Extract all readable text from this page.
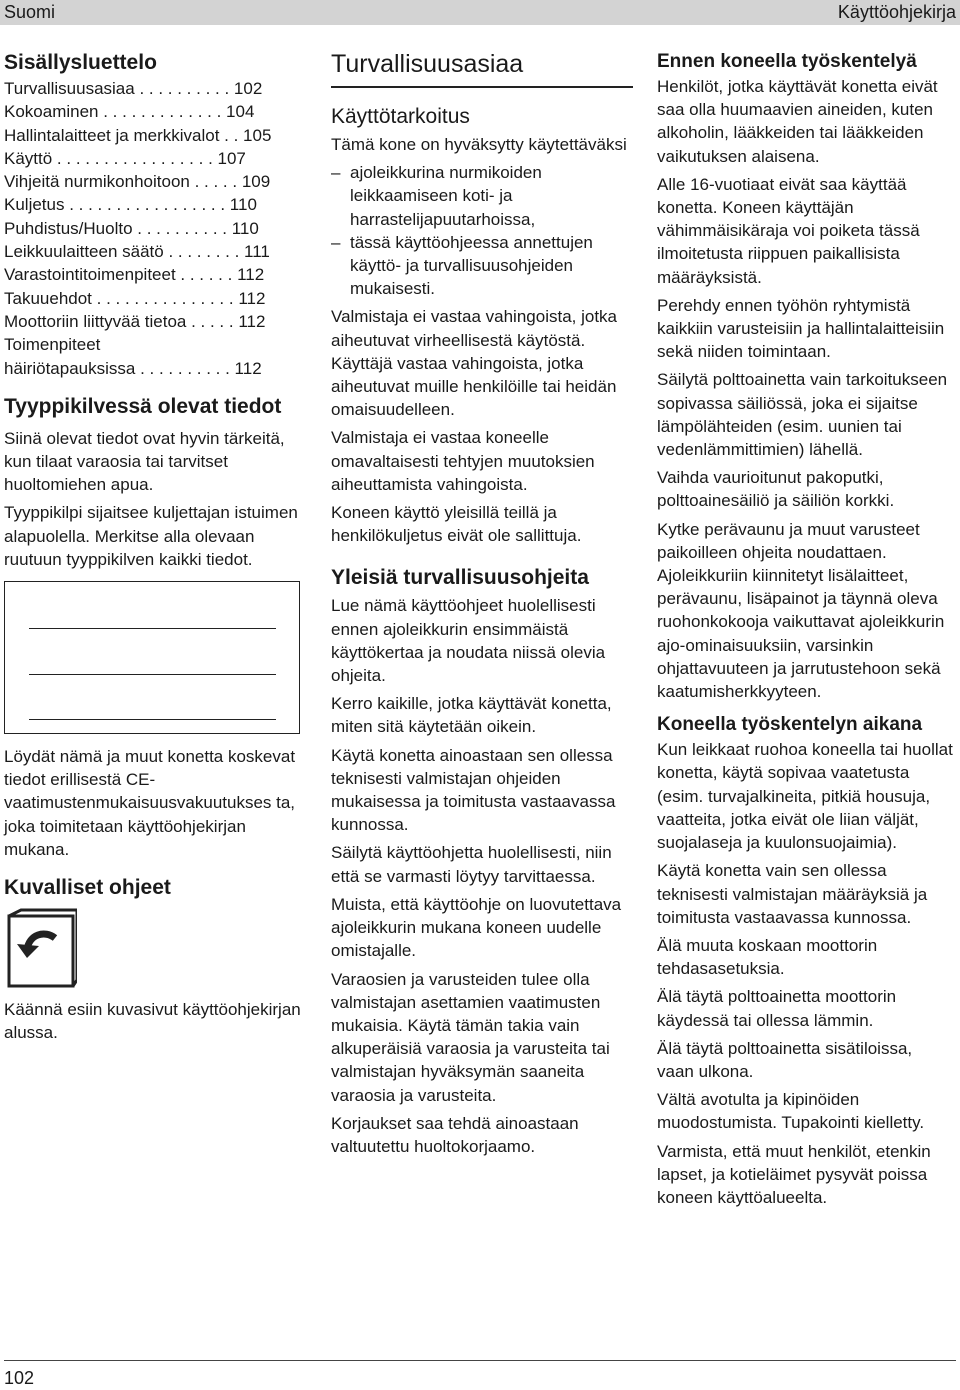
Suomi	Käyttöohjekirja
Sisällysluettelo
Turvallisuusasiaa . . . . . . . . . . 102
Kokoaminen . . . . . . . . . . . . . 104
Hallintalaitteet ja merkkivalot . . 105
Käyttö . . . . . . . . . . . . . . . . . 107
Vihjeitä nurmikonhoitoon . . . . . 109
Kuljetus . . . . . . . . . . . . . . . . . 110
Puhdistus/Huolto . . . . . . . . . . 110
Leikkuulaitteen säätö . . . . . . . . 111
Varastointitoimenpiteet . . . . . . 112
Takuuehdot . . . . . . . . . . . . . . . 112
Moottoriin liittyvää tietoa . . . . . 112
Toimenpiteet
häiriötapauksissa . . . . . . . . . . 112
Tyyppikilvessä olevat tiedot

Siinä olevat tiedot ovat hyvin tärkeitä, kun tilaat varaosia tai tarvitset huoltomiehen apua.

Tyyppikilpi sijaitsee kuljettajan istuimen alapuolella. Merkitse alla olevaan ruutuun tyyppikilven kaikki tiedot.

Löydät nämä ja muut konetta koskevat tiedot erillisestä CE-vaatimustenmukaisuusvakuutukses ta, joka toimitetaan käyttöohjekirjan mukana.

Kuvalliset ohjeet

Käännä esiin kuvasivut käyttöohjekirjan alussa.

Turvallisuusasiaa
Käyttötarkoitus

Tämä kone on hyväksytty käytettäväksi

– ajoleikkurina nurmikoiden leikkaamiseen koti- ja harrastelijapuutarhoissa,
– tässä käyttöohjeessa annettujen käyttö- ja turvallisuusohjeiden mukaisesti.

Valmistaja ei vastaa vahingoista, jotka aiheutuvat virheellisestä käytöstä. Käyttäjä vastaa vahingoista, jotka aiheutuvat muille henkilöille tai heidän omaisuudelleen.

Valmistaja ei vastaa koneelle omavaltaisesti tehtyjen muutoksien aiheuttamista vahingoista.

Koneen käyttö yleisillä teillä ja henkilökuljetus eivät ole sallittuja.

Yleisiä turvallisuusohjeita

Lue nämä käyttöohjeet huolellisesti ennen ajoleikkurin ensimmäistä käyttökertaa ja noudata niissä olevia ohjeita.

Kerro kaikille, jotka käyttävät konetta, miten sitä käytetään oikein.

Käytä konetta ainoastaan sen ollessa teknisesti valmistajan ohjeiden mukaisessa ja toimitusta vastaavassa kunnossa.

Säilytä käyttöohjetta huolellisesti, niin että se varmasti löytyy tarvittaessa.

Muista, että käyttöohje on luovutettava ajoleikkurin mukana koneen uudelle omistajalle.

Varaosien ja varusteiden tulee olla valmistajan asettamien vaatimusten mukaisia. Käytä tämän takia vain alkuperäisiä varaosia ja varusteita tai valmistajan hyväksymän saaneita varaosia ja varusteita.

Korjaukset saa tehdä ainoastaan valtuutettu huoltokorjaamo.

Ennen koneella työskentelyä

Henkilöt, jotka käyttävät konetta eivät saa olla huumaavien aineiden, kuten alkoholin, lääkkeiden tai lääkkeiden vaikutuksen alaisena.

Alle 16-vuotiaat eivät saa käyttää konetta. Koneen käyttäjän vähimmäisikäraja voi poiketa tässä ilmoitetusta riippuen paikallisista määräyksistä.

Perehdy ennen työhön ryhtymistä kaikkiin varusteisiin ja hallintalaitteisiin sekä niiden toimintaan.

Säilytä polttoainetta vain tarkoitukseen sopivassa säiliössä, joka ei sijaitse lämpölähteiden (esim. uunien tai vedenlämmittimien) lähellä.

Vaihda vaurioitunut pakoputki, polttoainesäiliö ja säiliön korkki.

Kytke perävaunu ja muut varusteet paikoilleen ohjeita noudattaen. Ajoleikkuriin kiinnitetyt lisälaitteet, perävaunu, lisäpainot ja täynnä oleva ruohonkokooja vaikuttavat ajoleikkurin ajo-ominaisuuksiin, varsinkin ohjattavuuteen ja jarrutustehoon sekä kaatumisherkkyyteen.

Koneella työskentelyn aikana

Kun leikkaat ruohoa koneella tai huollat konetta, käytä sopivaa vaatetusta (esim. turvajalkineita, pitkiä housuja, vaatteita, jotka eivät ole liian väljät, suojalaseja ja kuulonsuojaimia).

Käytä konetta vain sen ollessa teknisesti valmistajan määräyksiä ja toimitusta vastaavassa kunnossa.

Älä muuta koskaan moottorin tehdasasetuksia.

Älä täytä polttoainetta moottorin käydessä tai ollessa lämmin.

Älä täytä polttoainetta sisätiloissa, vaan ulkona.

Vältä avotulta ja kipinöiden muodostumista. Tupakointi kielletty.

Varmista, että muut henkilöt, etenkin lapset, ja kotieläimet pysyvät poissa koneen käyttöalueelta.

102
